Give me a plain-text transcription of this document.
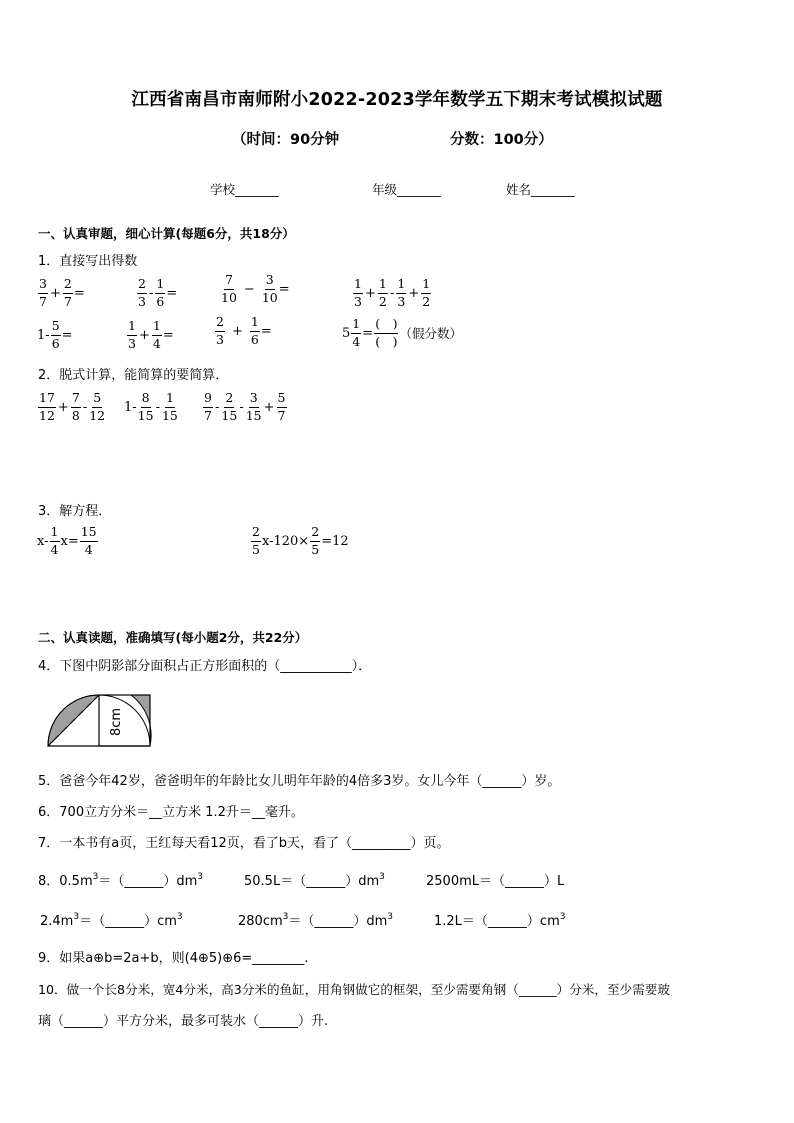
江西省南昌市南师附小2022-2023学年数学五下期末考试模拟试题
（时间：90分钟	分数：100分）
学校_______	年级_______	姓名_______
一、认真审题，细心计算(每题6分，共18分）
1．直接写出得数
$\frac{3}{7} + \frac{2}{7}$ =	$\frac{2}{3} - \frac{1}{6}$ =	$\frac{7}{10} - \frac{3}{10}$ =	$\frac{1}{3} + \frac{1}{2} - \frac{1}{3} + \frac{1}{2}$
$1- \frac{5}{6}$ =	$\frac{1}{3} + \frac{1}{4}$ =	$\frac{2}{3} + \frac{1}{6}$ =	$5 \frac{1}{4} = \frac{( )}{( )}$ （假分数）
2．脱式计算，能简算的要简算．
$\frac{17}{12} + \frac{7}{8} - \frac{5}{12} 1- \frac{8}{15} - \frac{1}{15} \frac{9}{7} - \frac{2}{15} - \frac{3}{15} + \frac{5}{7}$
3．解方程．
$x- \frac{1}{4} x= \frac{15}{4}$	$\frac{2}{5} x-120\times \frac{2}{5} =12$
二、认真读题，准确填写(每小题2分，共22分）
4．下图中阴影部分面积占正方形面积的（___________）．
8cm
5．爸爸今年42岁，爸爸明年的年龄比女儿明年年龄的4倍多3岁。女儿今年（______）岁。
6．700立方分米＝__立方米 1.2升＝__毫升。
7．一本书有a页，王红每天看12页，看了b天，看了（_________）页。
8．$0.5m^3=(\_\_\_\_\_\_)dm^3$	$50.5L=(\_\_\_\_\_\_)dm^3$	2500mL＝（______）L
$2.4m^3=(\_\_\_\_\_\_)cm^3$	$280cm^3=(\_\_\_\_\_\_)dm^3$	$1.2L=(\_\_\_\_\_\_)cm^3$
9．如果a⊕b=2a+b，则(4⊕5)⊕6=________.
10．做一个长8分米，宽4分米，高3分米的鱼缸，用角钢做它的框架，至少需要角钢（______）分米，至少需要玻
璃（______）平方分米，最多可装水（______）升.
